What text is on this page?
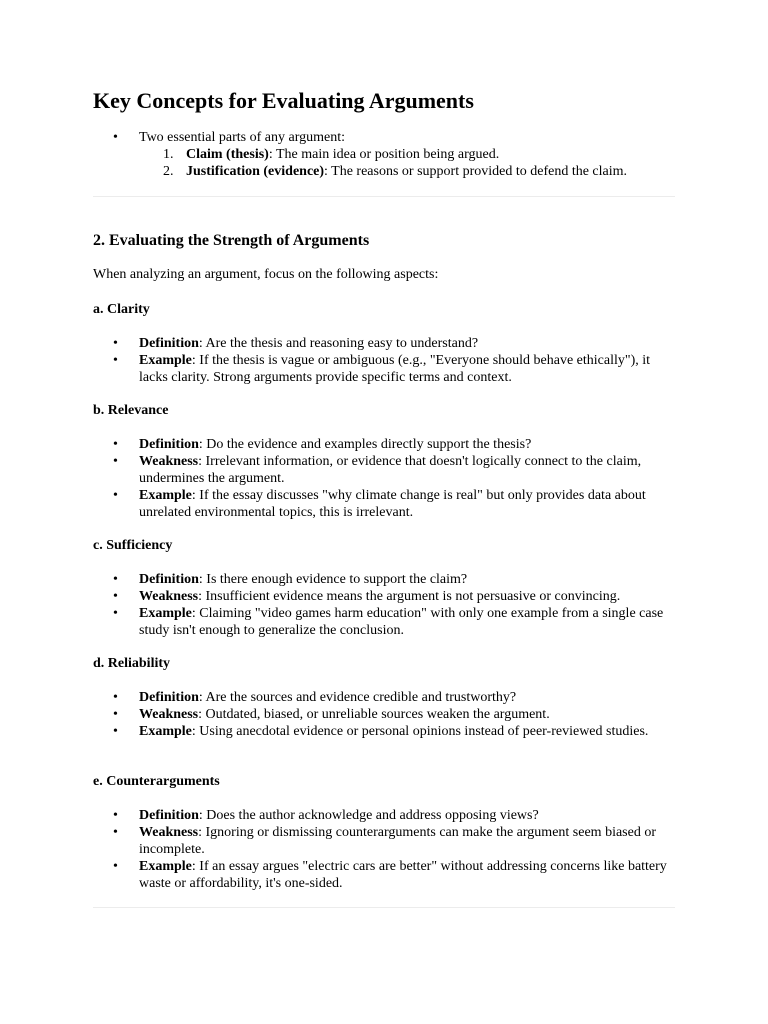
Key Concepts for Evaluating Arguments
•	Two essential parts of any argument:
1. Claim (thesis): The main idea or position being argued.
2. Justification (evidence): The reasons or support provided to defend the claim.
2. Evaluating the Strength of Arguments

When analyzing an argument, focus on the following aspects:

a. Clarity
•	Definition: Are the thesis and reasoning easy to understand?
•	Example: If the thesis is vague or ambiguous (e.g., "Everyone should behave ethically"), it lacks clarity. Strong arguments provide specific terms and context.
b. Relevance
•	Definition: Do the evidence and examples directly support the thesis?
•	Weakness: Irrelevant information, or evidence that doesn't logically connect to the claim, undermines the argument.
•	Example: If the essay discusses "why climate change is real" but only provides data about unrelated environmental topics, this is irrelevant.
c. Sufficiency
•	Definition: Is there enough evidence to support the claim?
•	Weakness: Insufficient evidence means the argument is not persuasive or convincing.
•	Example: Claiming "video games harm education" with only one example from a single case study isn't enough to generalize the conclusion.
d. Reliability
•	Definition: Are the sources and evidence credible and trustworthy?
•	Weakness: Outdated, biased, or unreliable sources weaken the argument.
•	Example: Using anecdotal evidence or personal opinions instead of peer-reviewed studies.
e. Counterarguments
•	Definition: Does the author acknowledge and address opposing views?
•	Weakness: Ignoring or dismissing counterarguments can make the argument seem biased or incomplete.
•	Example: If an essay argues "electric cars are better" without addressing concerns like battery waste or affordability, it's one-sided.
